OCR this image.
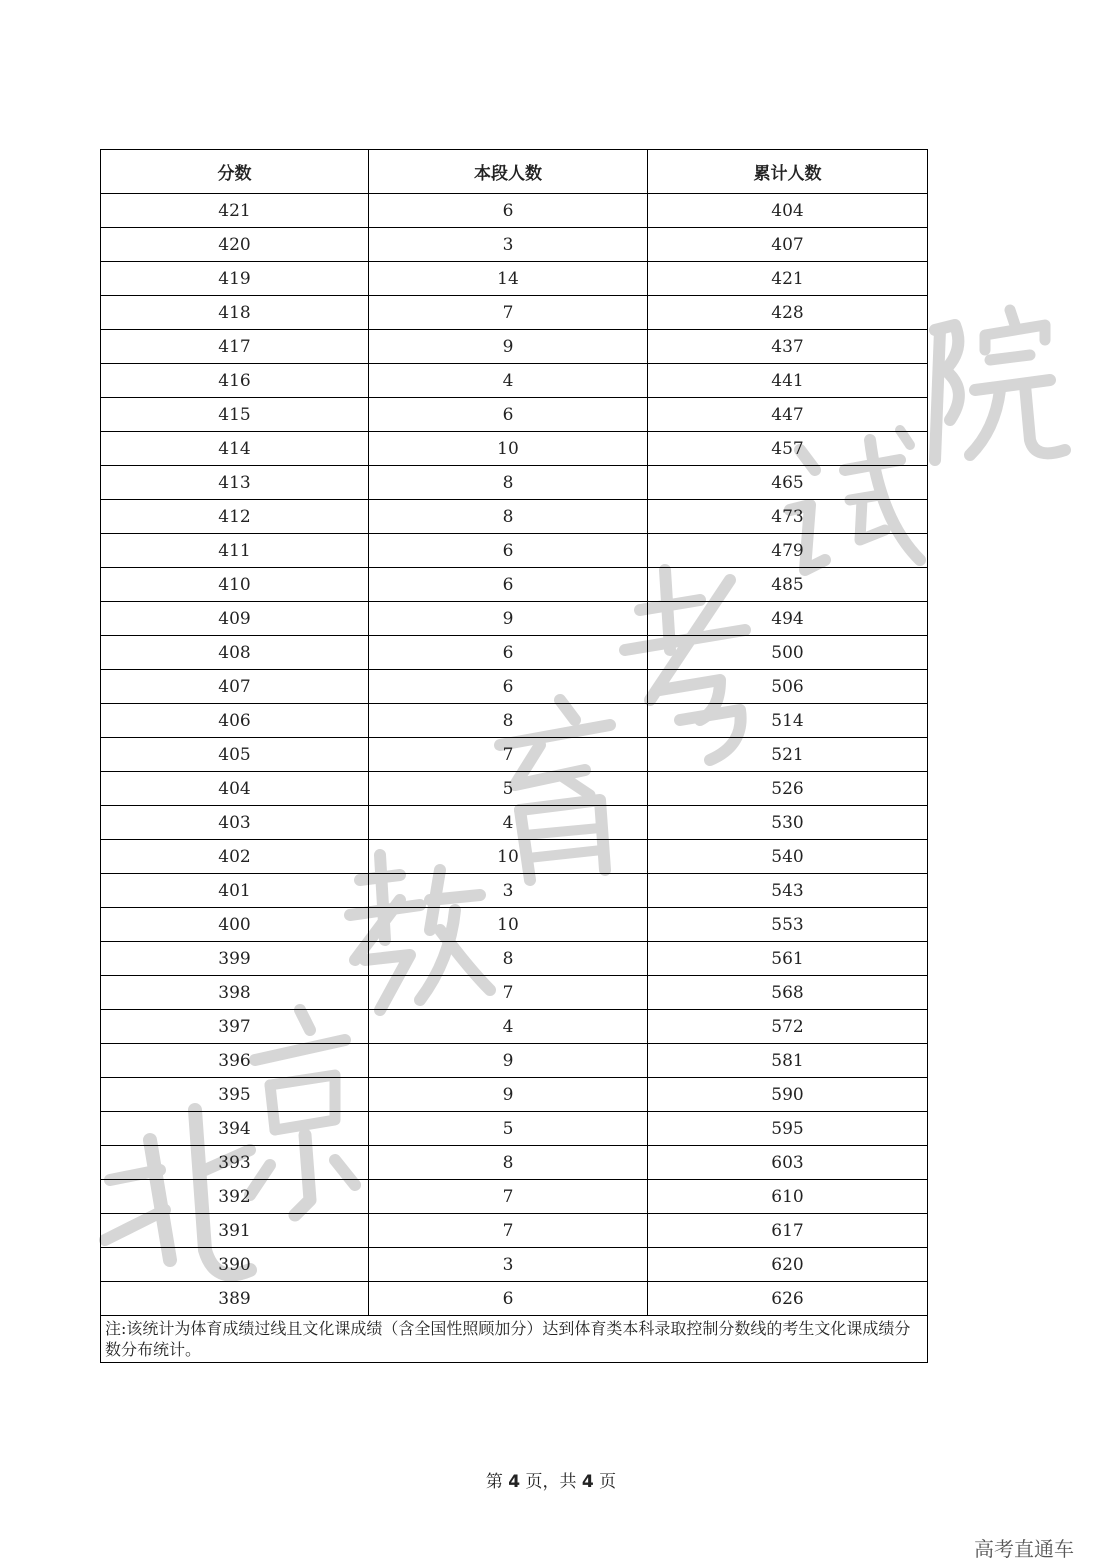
分数	本段人数	累计人数
421	6	404
420	3	407
419	14	421
418	7	428
417	9	437
416	4	441
415	6	447
414	10	457
413	8	465
412	8	473
411	6	479
410	6	485
409	9	494
408	6	500
407	6	506
406	8	514
405	7	521
404	5	526
403	4	530
402	10	540
401	3	543
400	10	553
399	8	561
398	7	568
397	4	572
396	9	581
395	9	590
394	5	595
393	8	603
392	7	610
391	7	617
390	3	620
389	6	626
注:该统计为体育成绩过线且文化课成绩（含全国性照顾加分）达到体育类本科录取控制分数线的考生文化课成绩分数分布统计。		
第 4 页，共 4 页
高考直通车
